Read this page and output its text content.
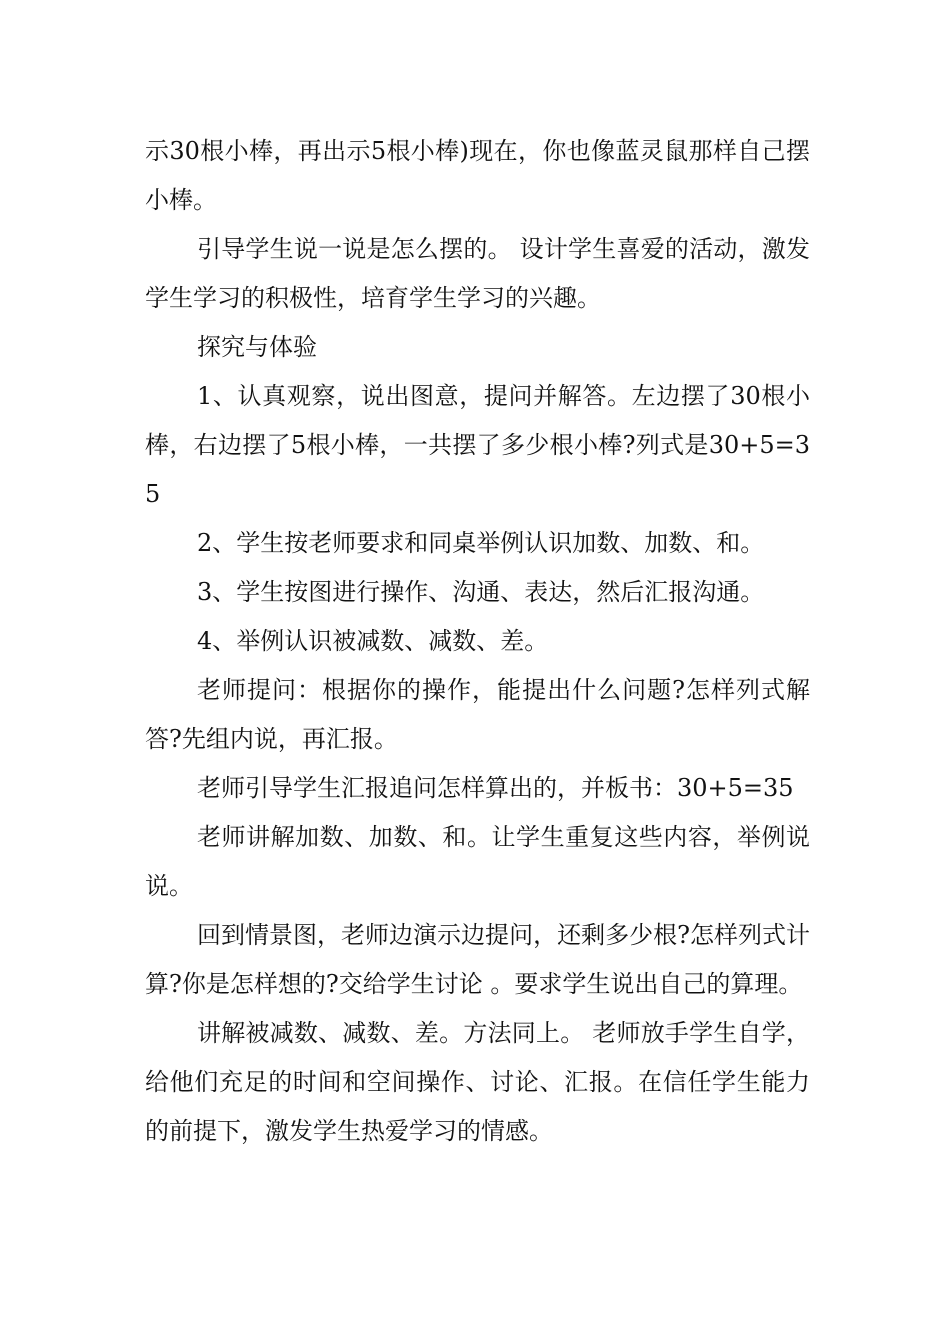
示30根小棒，再出示5根小棒)现在，你也像蓝灵鼠那样自己摆小棒。

引导学生说一说是怎么摆的。 设计学生喜爱的活动，激发学生学习的积极性，培育学生学习的兴趣。

探究与体验

1、认真观察，说出图意，提问并解答。左边摆了30根小棒，右边摆了5根小棒，一共摆了多少根小棒?列式是30+5=35

2、学生按老师要求和同桌举例认识加数、加数、和。

3、学生按图进行操作、沟通、表达，然后汇报沟通。

4、举例认识被减数、减数、差。

老师提问：根据你的操作，能提出什么问题?怎样列式解答?先组内说，再汇报。

老师引导学生汇报追问怎样算出的，并板书：30+5=35

老师讲解加数、加数、和。让学生重复这些内容，举例说说。

回到情景图，老师边演示边提问，还剩多少根?怎样列式计算?你是怎样想的?交给学生讨论 。要求学生说出自己的算理。

讲解被减数、减数、差。方法同上。 老师放手学生自学，给他们充足的时间和空间操作、讨论、汇报。在信任学生能力的前提下，激发学生热爱学习的情感。
